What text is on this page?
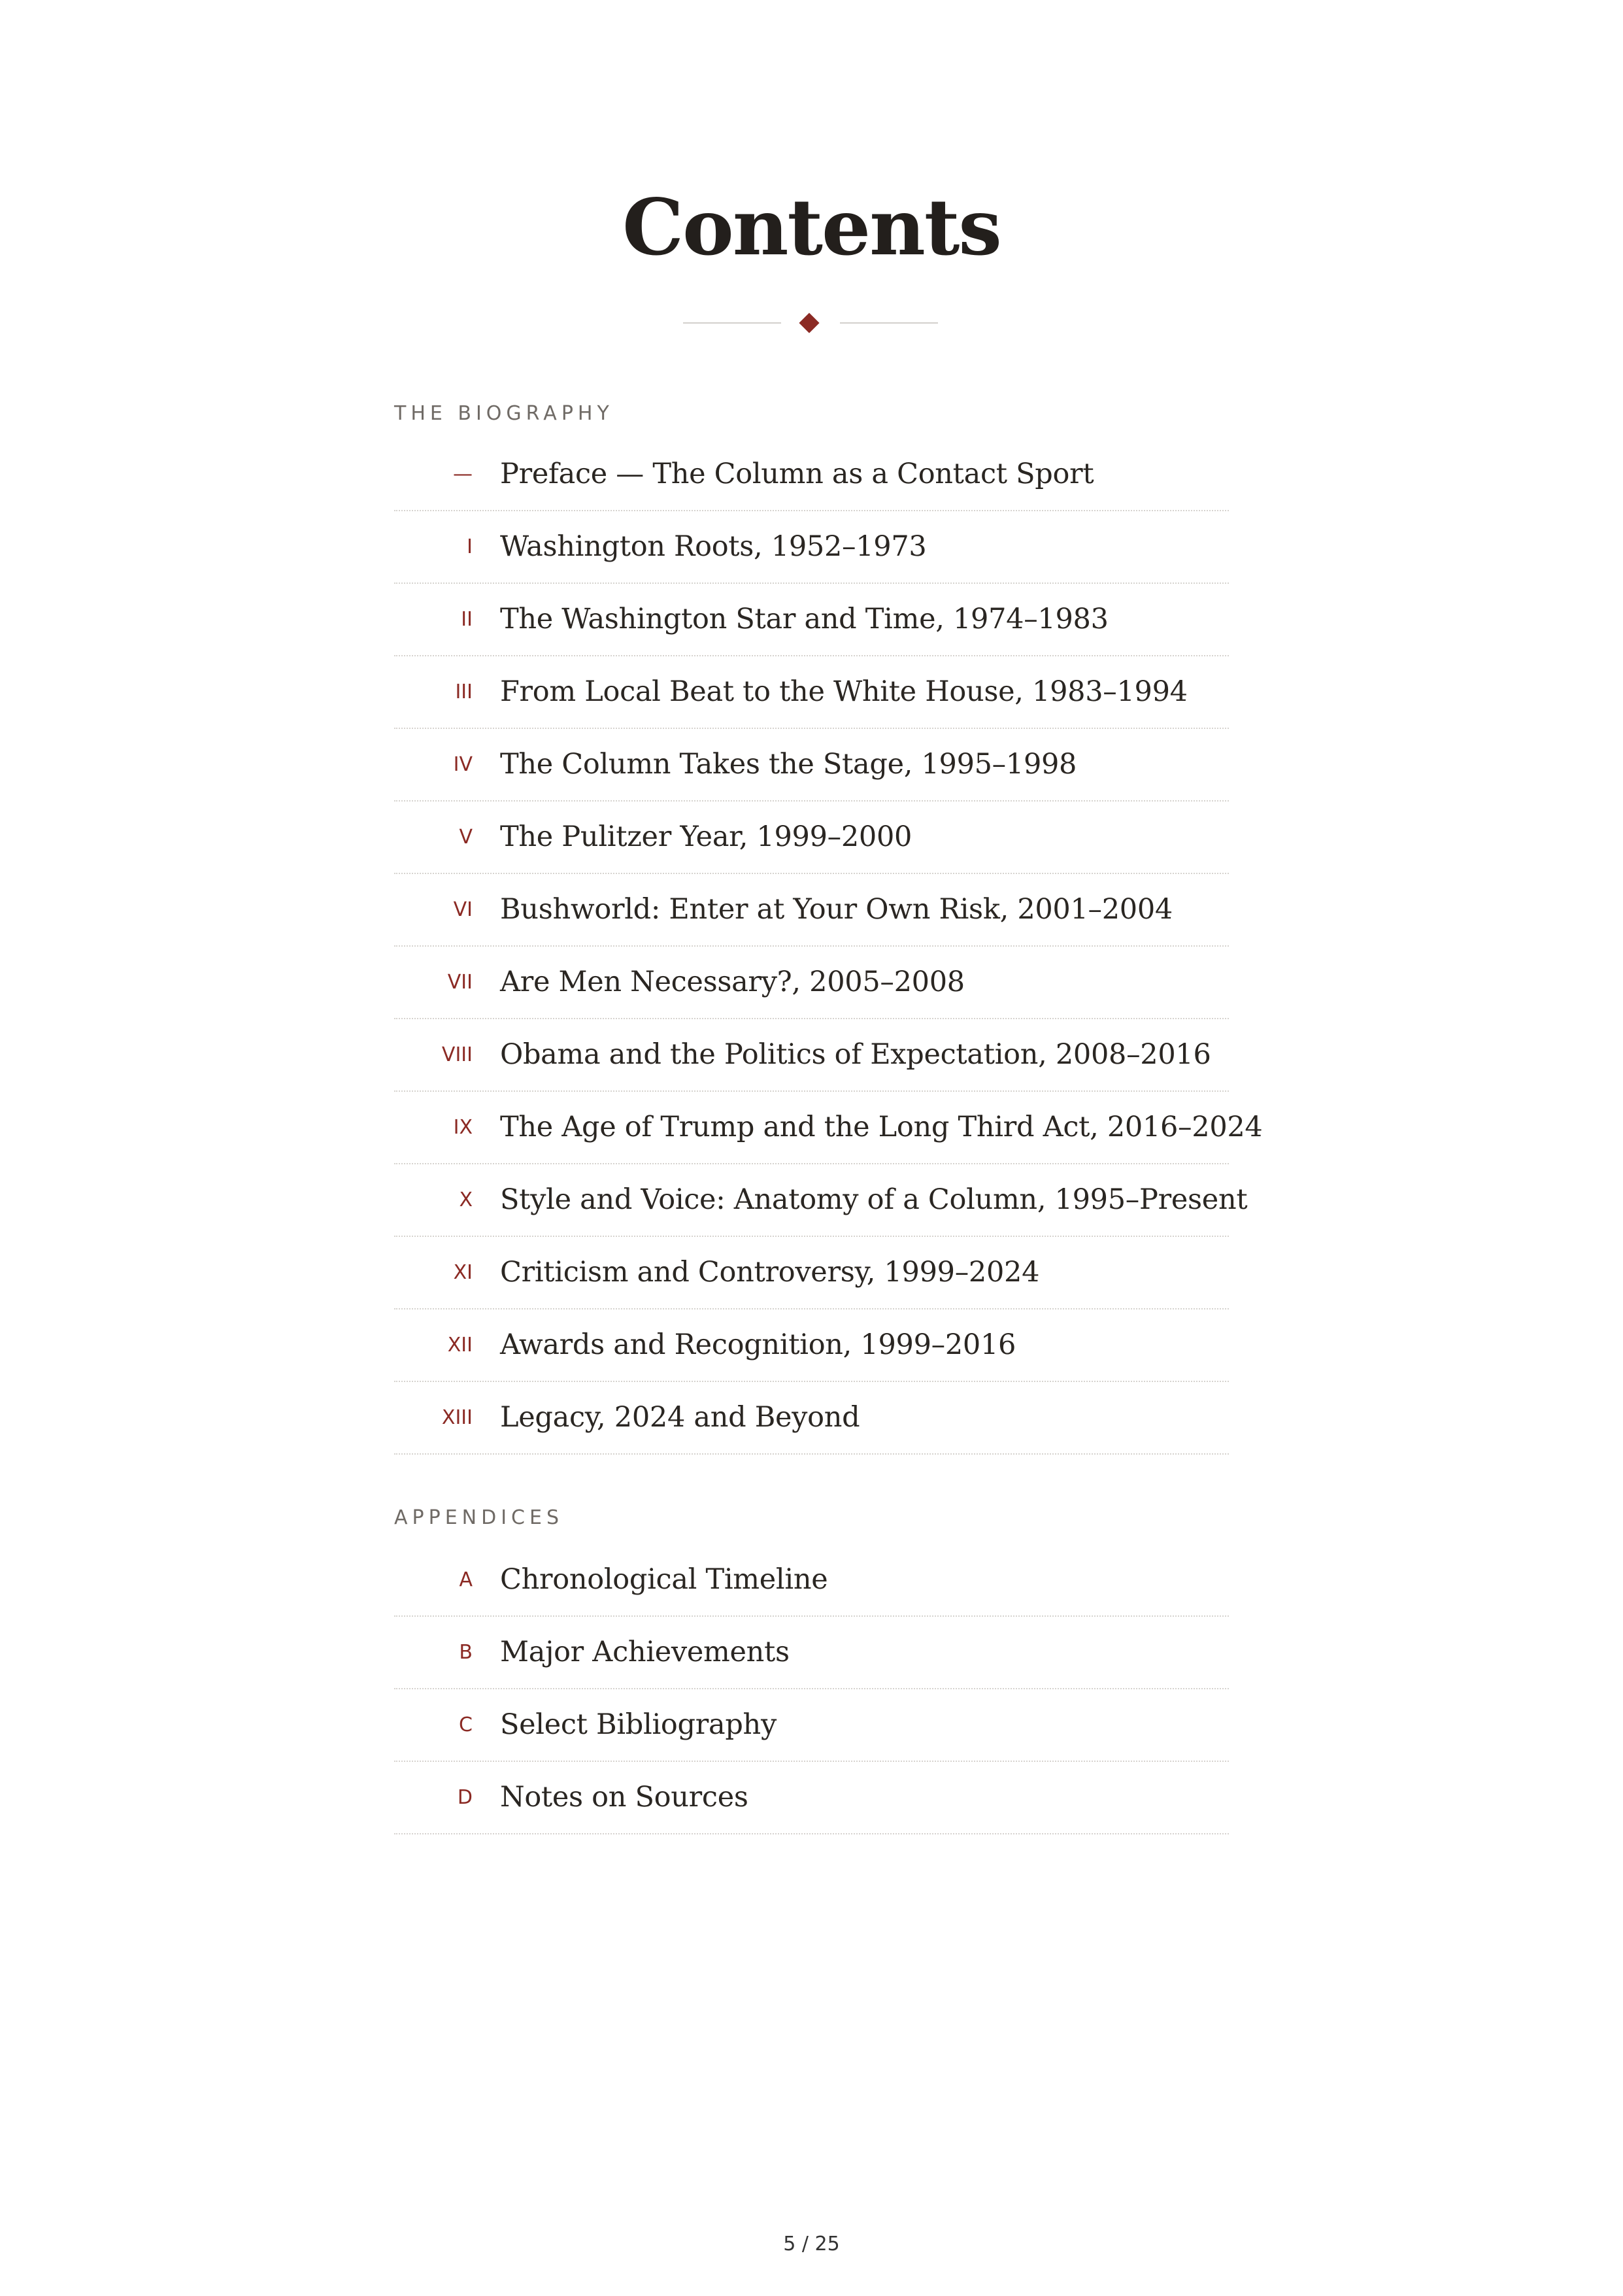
Contents
THE BIOGRAPHY
— Preface — The Column as a Contact Sport
I Washington Roots, 1952–1973
II The Washington Star and Time, 1974–1983
III From Local Beat to the White House, 1983–1994
IV The Column Takes the Stage, 1995–1998
V The Pulitzer Year, 1999–2000
VI Bushworld: Enter at Your Own Risk, 2001–2004
VII Are Men Necessary?, 2005–2008
VIII Obama and the Politics of Expectation, 2008–2016
IX The Age of Trump and the Long Third Act, 2016–2024
X Style and Voice: Anatomy of a Column, 1995–Present
XI Criticism and Controversy, 1999–2024
XII Awards and Recognition, 1999–2016
XIII Legacy, 2024 and Beyond
APPENDICES
A Chronological Timeline
B Major Achievements
C Select Bibliography
D Notes on Sources
5 / 25
